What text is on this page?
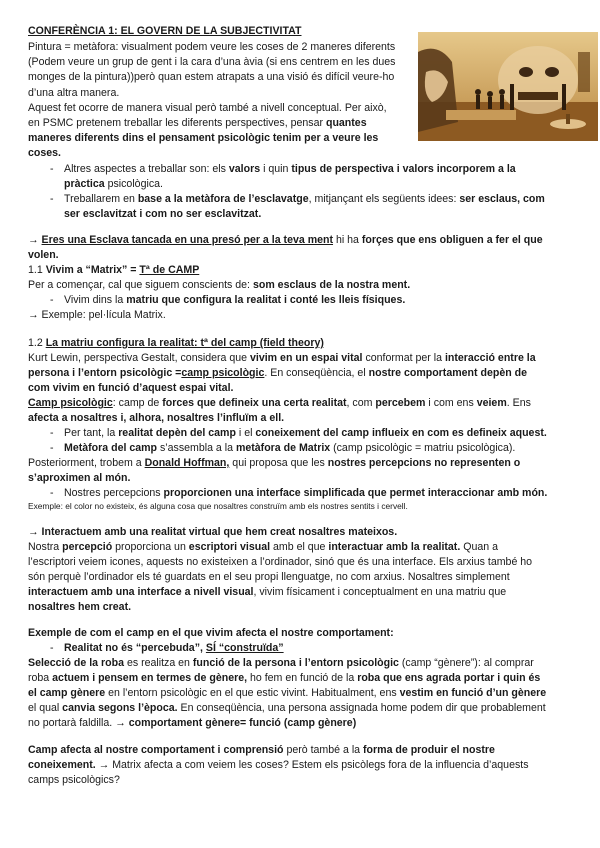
CONFERÈNCIA 1: EL GOVERN DE LA SUBJECTIVITAT

Pintura = metàfora: visualment podem veure les coses de 2 maneres diferents

(Podem veure un grup de gent i la cara d’una àvia (si ens centrem en les dues

monges de la pintura))però quan estem atrapats a una visió és difícil veure-ho

d’una altra manera.

Aquest fet ocorre de manera visual però també a nivell conceptual. Per això,

en PSMC pretenem treballar les diferents perspectives, pensar quantes

maneres diferents dins el pensament psicològic tenim per a veure les

coses.

- Altres aspectes a treballar son: els valors i quin tipus de perspectiva i valors incorporem a la

pràctica psicològica.

- Treballarem en base a la metàfora de l’esclavatge, mitjançant els següents idees: ser esclaus, com

ser esclavitzat i com no ser esclavitzat.

→ Eres una Esclava tancada en una presó per a la teva ment hi ha forçes que ens obliguen a fer el que

volen.

1.1 Vivim a “Matrix” = Tª de CAMP

Per a començar, cal que siguem conscients de: som esclaus de la nostra ment.

- Vivim dins la matriu que configura la realitat i conté les lleis físiques.

→ Exemple: pel·lícula Matrix.

1.2 La matriu configura la realitat: tª del camp (field theory)

Kurt Lewin, perspectiva Gestalt, considera que vivim en un espai vital conformat per la interacció entre la

persona i l’entorn psicològic =camp psicològic. En conseqüència, el nostre comportament depèn de

com vivim en funció d’aquest espai vital.

Camp psicològic: camp de forces que defineix una certa realitat, com percebem i com ens veiem. Ens

afecta a nosaltres i, alhora, nosaltres l’influïm a ell.

- Per tant, la realitat depèn del camp i el coneixement del camp influeix en com es defineix aquest.

- Metàfora del camp s’assembla a la metàfora de Matrix (camp psicològic = matriu psicològica).

Posteriorment, trobem a Donald Hoffman, qui proposa que les nostres percepcions no representen o

s’aproximen al món.

- Nostres percepcions proporcionen una interface simplificada que permet interaccionar amb món.

Exemple: el color no existeix, és alguna cosa que nosaltres construïm amb els nostres sentits i cervell.

→ Interactuem amb una realitat virtual que hem creat nosaltres mateixos.

Nostra percepció proporciona un escriptori visual amb el que interactuar amb la realitat. Quan a

l’escriptori veiem icones, aquests no existeixen a l’ordinador, sinó que és una interface. Els arxius també ho

són perquè l’ordinador els té guardats en el seu propi llenguatge, no com arxius. Nosaltres simplement

interactuem amb una interface a nivell visual, vivim físicament i conceptualment en una matriu que

nosaltres hem creat.

Exemple de com el camp en el que vivim afecta el nostre comportament:

- Realitat no és “percebuda”, SÍ “construïda”

Selecció de la roba es realitza en funció de la persona i l’entorn psicològic (camp “gènere”): al comprar

roba actuem i pensem en termes de gènere, ho fem en funció de la roba que ens agrada portar i quin és

el camp gènere en l’entorn psicològic en el que estic vivint. Habitualment, ens vestim en funció d’un gènere

el qual canvia segons l’època. En conseqüència, una persona assignada home podem dir que probablement

no portarà faldilla. → comportament gènere= funció (camp gènere)

Camp afecta al nostre comportament i comprensió però també a la forma de produir el nostre

coneixement. → Matrix afecta a com veiem les coses? Estem els psicòlegs fora de la influencia d’aquests

camps psicològics?
